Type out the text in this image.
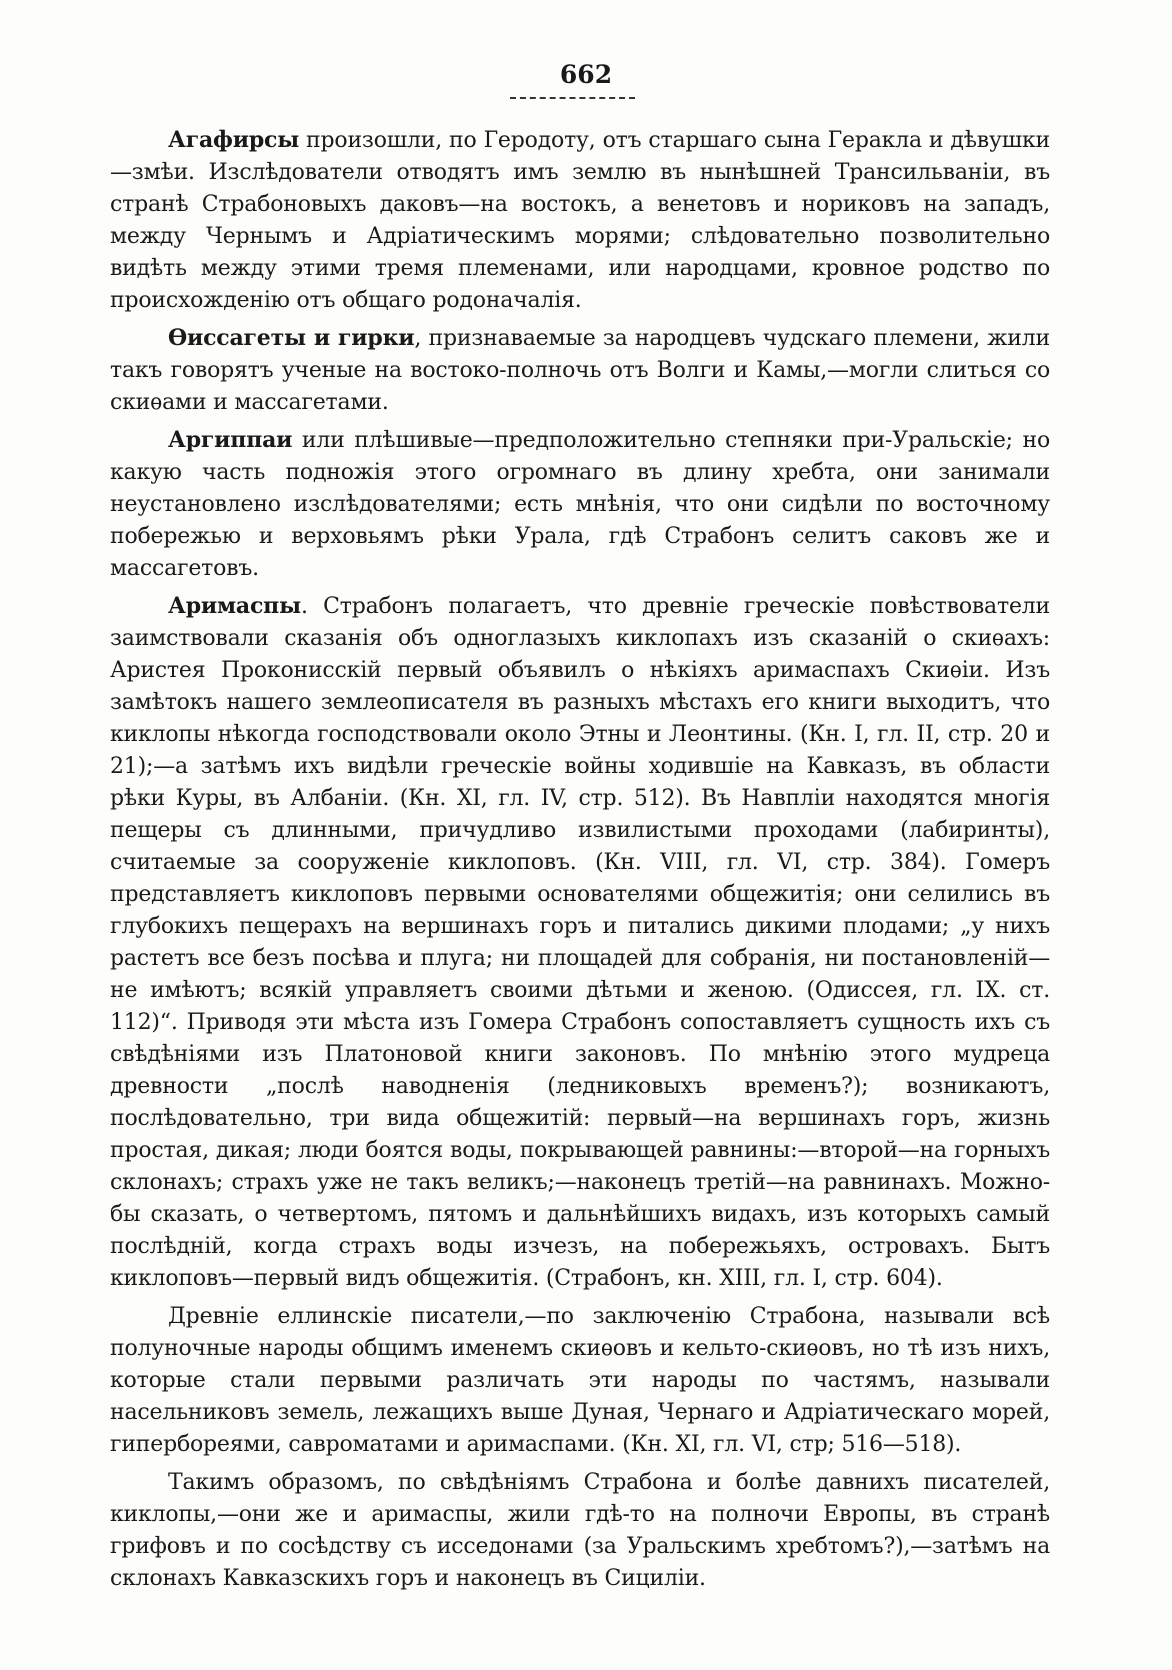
662

Агафирсы произошли, по Геродоту, отъ старшаго сына Геракла и дѣвушки—змѣи. Изслѣдователи отводятъ имъ землю въ нынѣшней Трансильваніи, въ странѣ Страбоновыхъ даковъ—на востокъ, а венетовъ и нориковъ на западъ, между Чернымъ и Адріатическимъ морями; слѣдовательно позволительно видѣть между этими тремя племенами, или народцами, кровное родство по происхожденію отъ общаго родоначалія.

Ѳиссагеты и гирки, признаваемые за народцевъ чудскаго племени, жили такъ говорятъ ученые на востоко-полночь отъ Волги и Камы,—могли слиться со скиѳами и массагетами.

Аргиппаи или плѣшивые—предположительно степняки при-Уральскіе; но какую часть подножія этого огромнаго въ длину хребта, они занимали неустановлено изслѣдователями; есть мнѣнія, что они сидѣли по восточному побережью и верховьямъ рѣки Урала, гдѣ Страбонъ селитъ саковъ же и массагетовъ.

Аримаспы. Страбонъ полагаетъ, что древніе греческіе повѣствователи заимствовали сказанія объ одноглазыхъ киклопахъ изъ сказаній о скиѳахъ: Аристея Проконисскій первый объявилъ о нѣкіяхъ аримаспахъ Скиѳіи. Изъ замѣтокъ нашего землеописателя въ разныхъ мѣстахъ его книги выходитъ, что киклопы нѣкогда господствовали около Этны и Леонтины. (Кн. I, гл. II, стр. 20 и 21);—а затѣмъ ихъ видѣли греческіе войны ходившіе на Кавказъ, въ области рѣки Куры, въ Албаніи. (Кн. XI, гл. IV, стр. 512). Въ Навпліи находятся многія пещеры съ длинными, причудливо извилистыми проходами (лабиринты), считаемые за сооруженіе киклоповъ. (Кн. VIII, гл. VI, стр. 384). Гомеръ представляетъ киклоповъ первыми основателями общежитія; они селились въ глубокихъ пещерахъ на вершинахъ горъ и питались дикими плодами; „у нихъ растетъ все безъ посѣва и плуга; ни площадей для собранія, ни постановленій—не имѣютъ; всякій управляетъ своими дѣтьми и женою. (Одиссея, гл. IX. ст. 112)“. Приводя эти мѣста изъ Гомера Страбонъ сопоставляетъ сущность ихъ съ свѣдѣніями изъ Платоновой книги законовъ. По мнѣнію этого мудреца древности „послѣ наводненія (ледниковыхъ временъ?); возникаютъ, послѣдовательно, три вида общежитій: первый—на вершинахъ горъ, жизнь простая, дикая; люди боятся воды, покрывающей равнины:—второй—на горныхъ склонахъ; страхъ уже не такъ великъ;—наконецъ третій—на равнинахъ. Можно-бы сказать, о четвертомъ, пятомъ и дальнѣйшихъ видахъ, изъ которыхъ самый послѣдній, когда страхъ воды изчезъ, на побережьяхъ, островахъ. Бытъ киклоповъ—первый видъ общежитія. (Страбонъ, кн. XIII, гл. I, стр. 604).

Древніе еллинскіе писатели,—по заключенію Страбона, называли всѣ полуночные народы общимъ именемъ скиѳовъ и кельто-скиѳовъ, но тѣ изъ нихъ, которые стали первыми различать эти народы по частямъ, называли насельниковъ земель, лежащихъ выше Дуная, Чернаго и Адріатическаго морей, гипербореями, савроматами и аримаспами. (Кн. XI, гл. VI, стр; 516—518).

Такимъ образомъ, по свѣдѣніямъ Страбона и болѣе давнихъ писателей, киклопы,—они же и аримаспы, жили гдѣ-то на полночи Европы, въ странѣ грифовъ и по сосѣдству съ исседонами (за Уральскимъ хребтомъ?),—затѣмъ на склонахъ Кавказскихъ горъ и наконецъ въ Сициліи.
